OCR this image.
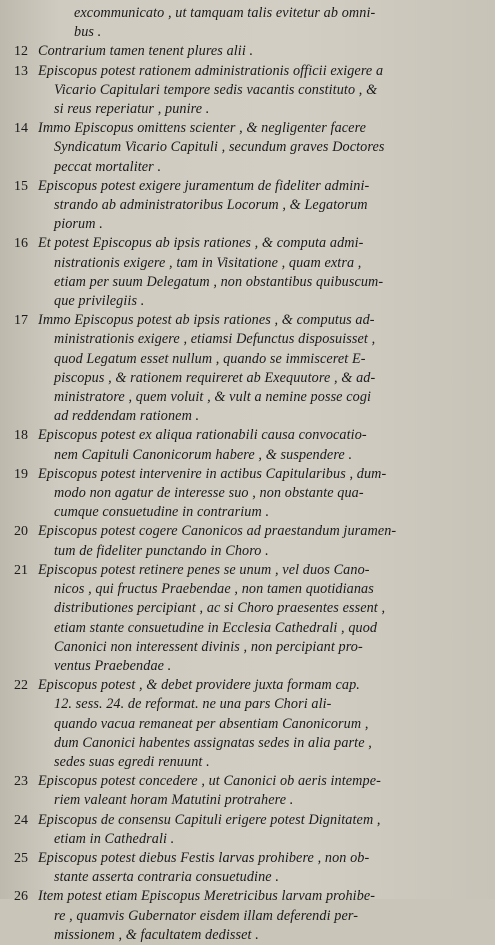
excommunicato , ut tamquam talis evitetur ab omni-
bus .
12 Contrarium tamen tenent plures alii .
13 Episcopus potest rationem administrationis officii exigere a
Vicario Capitulari tempore sedis vacantis constituto , &
si reus reperiatur , punire .
14 Immo Episcopus omittens scienter , & negligenter facere
Syndicatum Vicario Capituli , secundum graves Doctores
peccat mortaliter .
15 Episcopus potest exigere juramentum de fideliter admini-
strando ab administratoribus Locorum , & Legatorum
piorum .
16 Et potest Episcopus ab ipsis rationes , & computa admi-
nistrationis exigere , tam in Visitatione , quam extra ,
etiam per suum Delegatum , non obstantibus quibuscum-
que privilegiis .
17 Immo Episcopus potest ab ipsis rationes , & computus ad-
ministrationis exigere , etiamsi Defunctus disposuisset ,
quod Legatum esset nullum , quando se immisceret E-
piscopus , & rationem requireret ab Exequutore , & ad-
ministratore , quem voluit , & vult a nemine posse cogi
ad reddendam rationem .
18 Episcopus potest ex aliqua rationabili causa convocatio-
nem Capituli Canonicorum habere , & suspendere .
19 Episcopus potest intervenire in actibus Capitularibus , dum-
modo non agatur de interesse suo , non obstante qua-
cumque consuetudine in contrarium .
20 Episcopus potest cogere Canonicos ad praestandum juramen-
tum de fideliter punctando in Choro .
21 Episcopus potest retinere penes se unum , vel duos Cano-
nicos , qui fructus Praebendae , non tamen quotidianas
distributiones percipiant , ac si Choro praesentes essent ,
etiam stante consuetudine in Ecclesia Cathedrali , quod
Canonici non interessent divinis , non percipiant pro-
ventus Praebendae .
22 Episcopus potest , & debet providere juxta formam cap.
12. sess. 24. de reformat. ne una pars Chori ali-
quando vacua remaneat per absentiam Canonicorum ,
dum Canonici habentes assignatas sedes in alia parte ,
sedes suas egredi renuunt .
23 Episcopus potest concedere , ut Canonici ob aeris intempe-
riem valeant horam Matutini protrahere .
24 Episcopus de consensu Capituli erigere potest Dignitatem ,
etiam in Cathedrali .
25 Episcopus potest diebus Festis larvas prohibere , non ob-
stante asserta contraria consuetudine .
26 Item potest etiam Episcopus Meretricibus larvam prohibe-
re , quamvis Gubernator eisdem illam deferendi per-
missionem , & facultatem dedisset .
